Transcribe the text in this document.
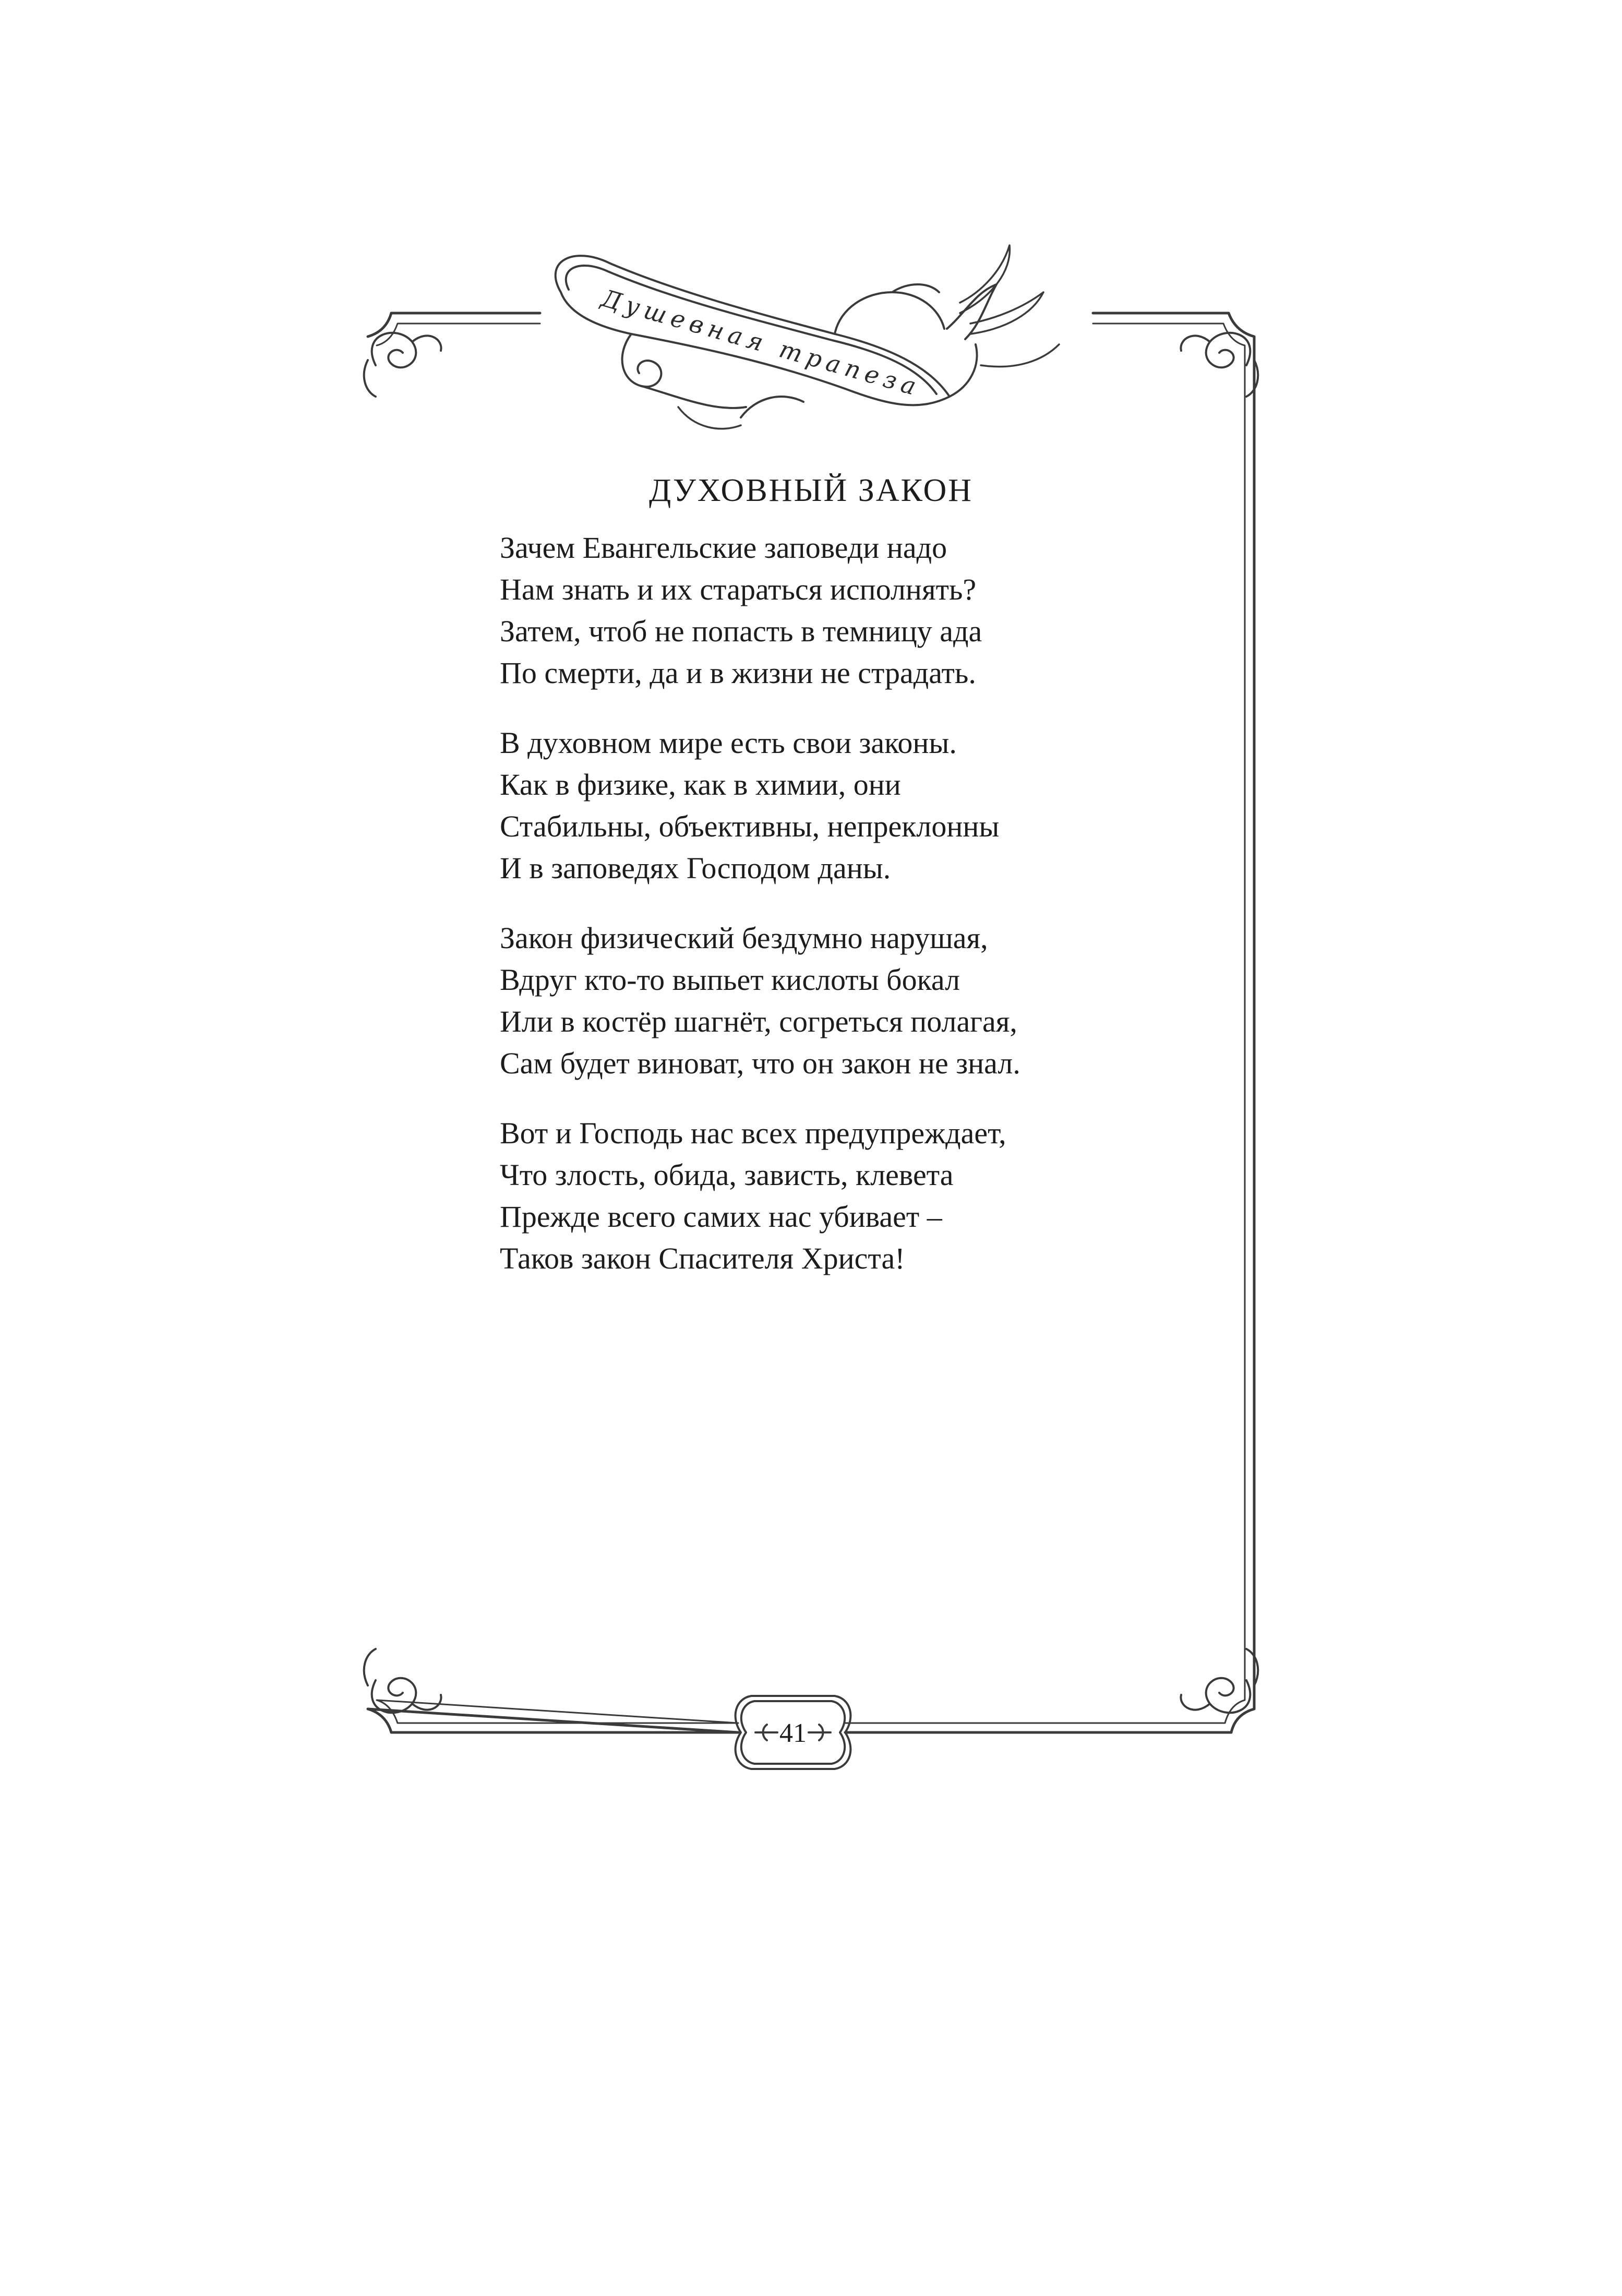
Душевная трапеза
41
ДУХОВНЫЙ ЗАКОН
Зачем Евангельские заповеди надо
Нам знать и их стараться исполнять?
Затем, чтоб не попасть в темницу ада
По смерти, да и в жизни не страдать.
В духовном мире есть свои законы.
Как в физике, как в химии, они
Стабильны, объективны, непреклонны
И в заповедях Господом даны.
Закон физический бездумно нарушая,
Вдруг кто-то выпьет кислоты бокал
Или в костёр шагнёт, согреться полагая,
Сам будет виноват, что он закон не знал.
Вот и Господь нас всех предупреждает,
Что злость, обида, зависть, клевета
Прежде всего самих нас убивает –
Таков закон Спасителя Христа!
